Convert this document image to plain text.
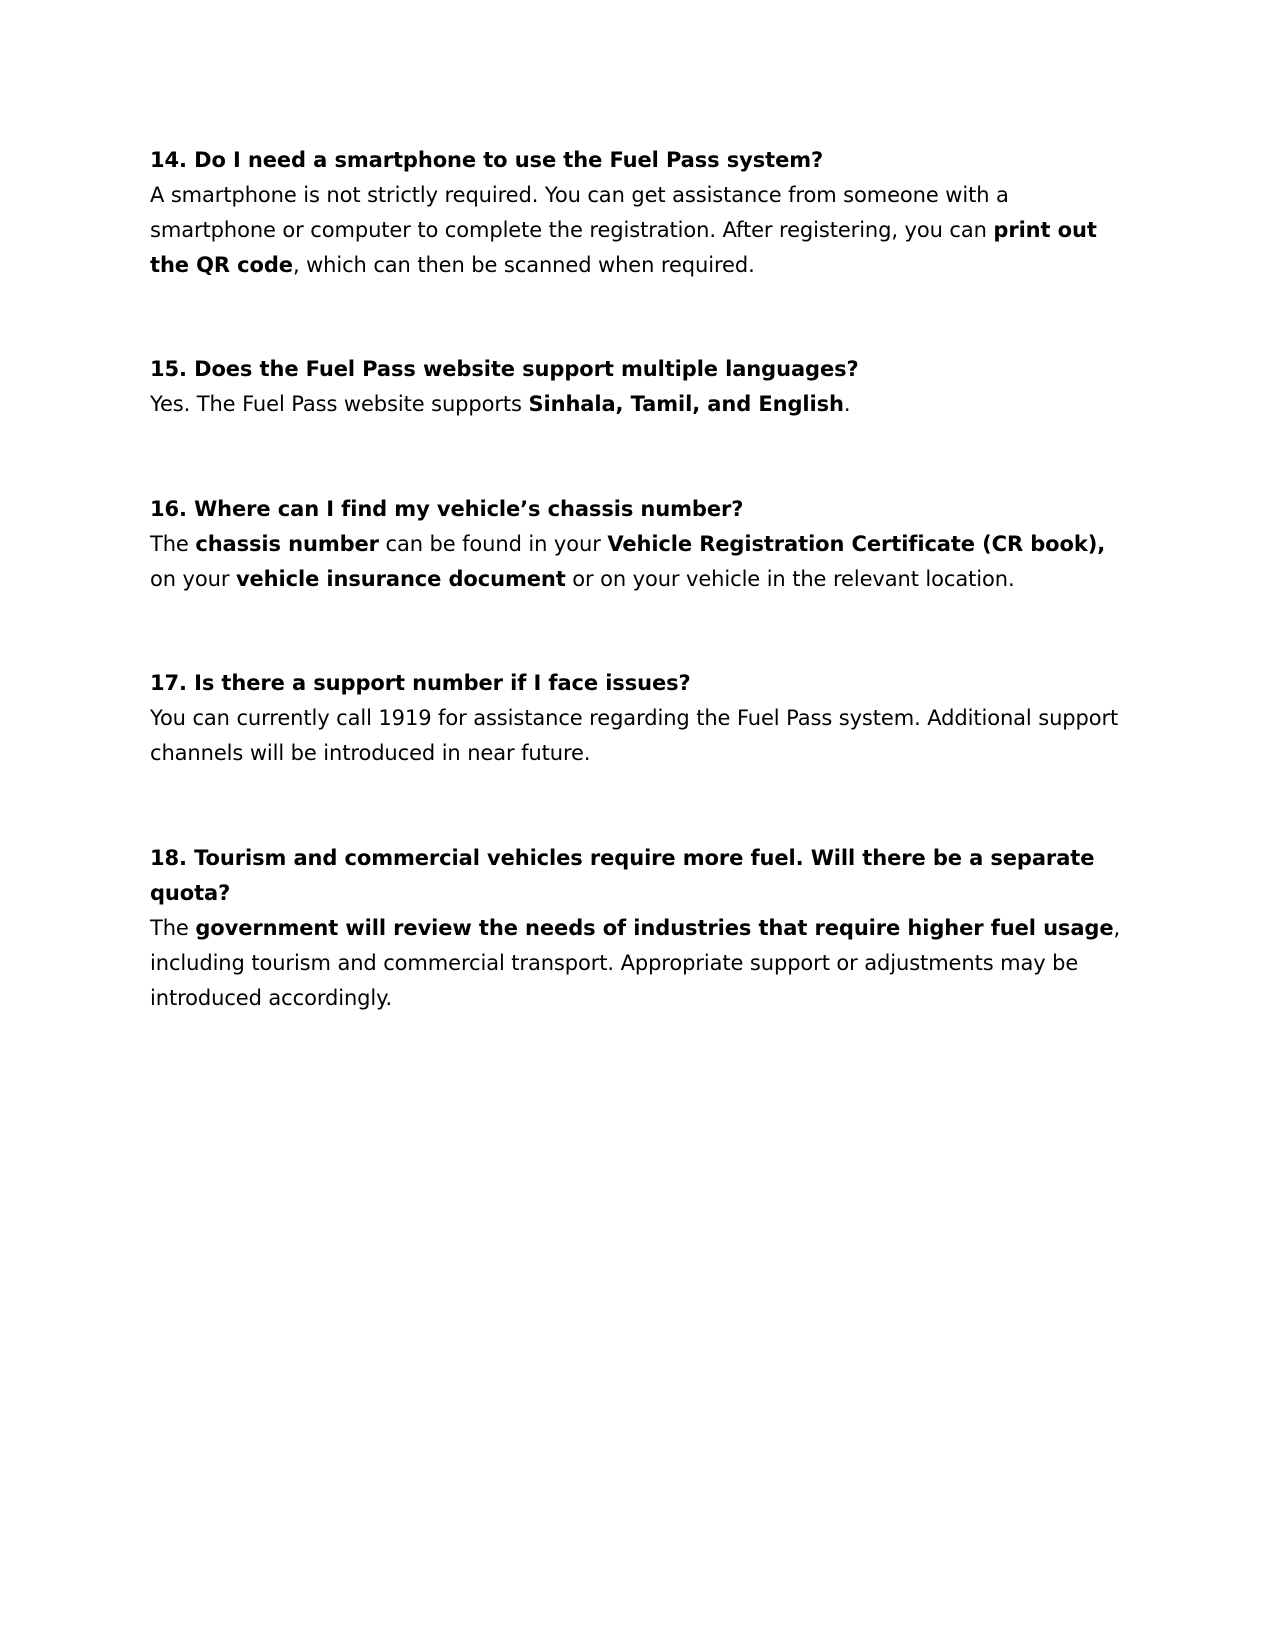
14. Do I need a smartphone to use the Fuel Pass system?

A smartphone is not strictly required. You can get assistance from someone with a smartphone or computer to complete the registration. After registering, you can print out the QR code, which can then be scanned when required.

15. Does the Fuel Pass website support multiple languages?

Yes. The Fuel Pass website supports Sinhala, Tamil, and English.

16. Where can I find my vehicle’s chassis number?

The chassis number can be found in your Vehicle Registration Certificate (CR book), on your vehicle insurance document or on your vehicle in the relevant location.

17. Is there a support number if I face issues?

You can currently call 1919 for assistance regarding the Fuel Pass system. Additional support channels will be introduced in near future.

18. Tourism and commercial vehicles require more fuel. Will there be a separate quota?

The government will review the needs of industries that require higher fuel usage, including tourism and commercial transport. Appropriate support or adjustments may be introduced accordingly.
